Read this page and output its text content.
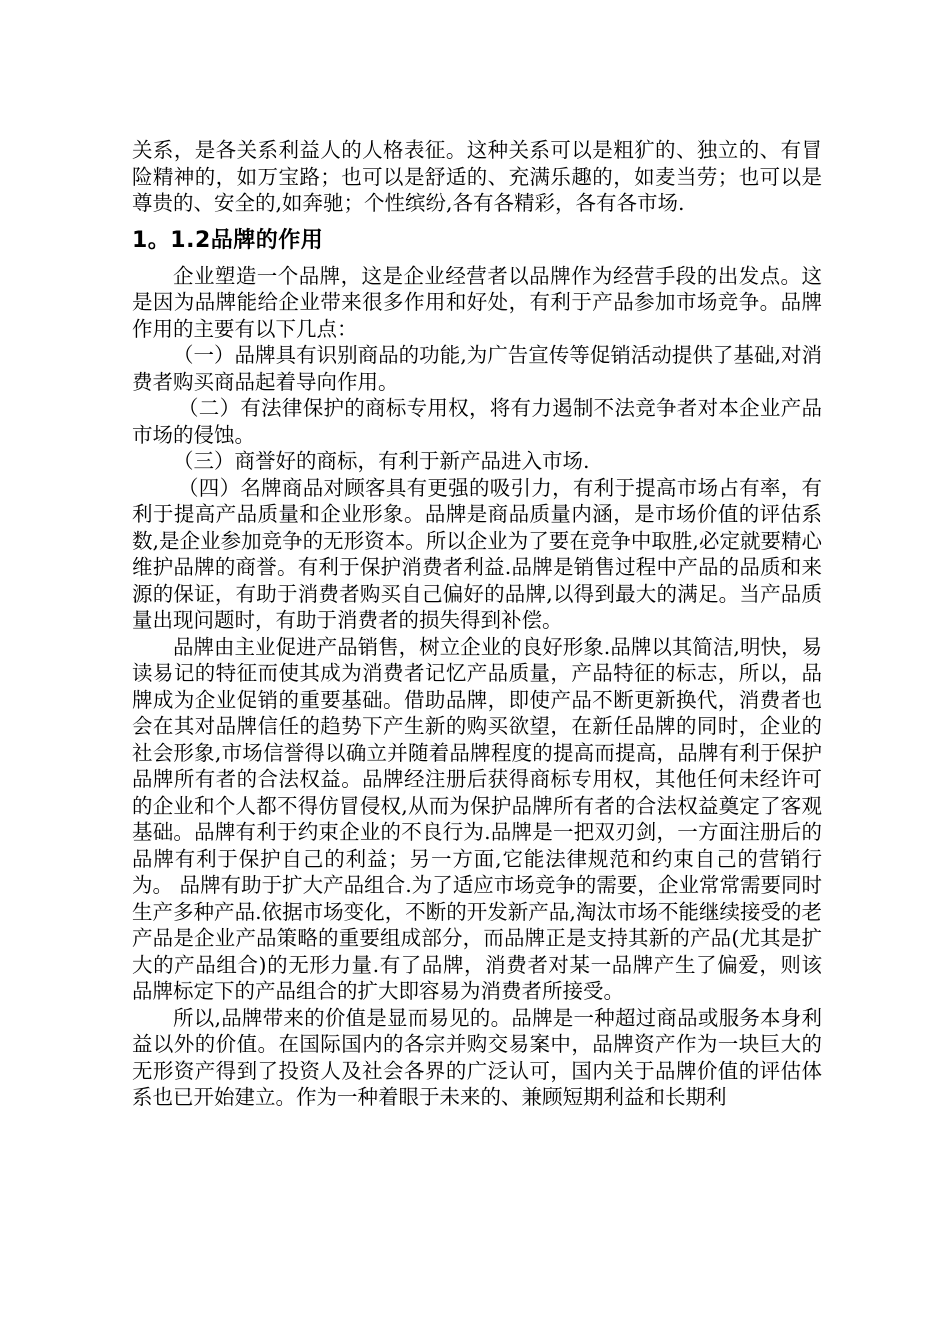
关系，是各关系利益人的人格表征。这种关系可以是粗犷的、独立的、有冒险精神的，如万宝路；也可以是舒适的、充满乐趣的，如麦当劳；也可以是尊贵的、安全的,如奔驰；个性缤纷,各有各精彩，各有各市场.

1。1.2品牌的作用

企业塑造一个品牌，这是企业经营者以品牌作为经营手段的出发点。这是因为品牌能给企业带来很多作用和好处，有利于产品参加市场竞争。品牌作用的主要有以下几点：

（一）品牌具有识别商品的功能,为广告宣传等促销活动提供了基础,对消费者购买商品起着导向作用。

（二）有法律保护的商标专用权，将有力遏制不法竞争者对本企业产品市场的侵蚀。

（三）商誉好的商标，有利于新产品进入市场.

（四）名牌商品对顾客具有更强的吸引力，有利于提高市场占有率，有利于提高产品质量和企业形象。品牌是商品质量内涵，是市场价值的评估系数,是企业参加竞争的无形资本。所以企业为了要在竞争中取胜,必定就要精心维护品牌的商誉。有利于保护消费者利益.品牌是销售过程中产品的品质和来源的保证，有助于消费者购买自己偏好的品牌,以得到最大的满足。当产品质量出现问题时，有助于消费者的损失得到补偿。

品牌由主业促进产品销售，树立企业的良好形象.品牌以其简洁,明快，易读易记的特征而使其成为消费者记忆产品质量，产品特征的标志，所以，品牌成为企业促销的重要基础。借助品牌，即使产品不断更新换代，消费者也会在其对品牌信任的趋势下产生新的购买欲望，在新任品牌的同时，企业的社会形象,市场信誉得以确立并随着品牌程度的提高而提高，品牌有利于保护品牌所有者的合法权益。品牌经注册后获得商标专用权，其他任何未经许可的企业和个人都不得仿冒侵权,从而为保护品牌所有者的合法权益奠定了客观基础。品牌有利于约束企业的不良行为.品牌是一把双刃剑，一方面注册后的品牌有利于保护自己的利益；另一方面,它能法律规范和约束自己的营销行为。 品牌有助于扩大产品组合.为了适应市场竞争的需要，企业常常需要同时生产多种产品.依据市场变化，不断的开发新产品,淘汰市场不能继续接受的老产品是企业产品策略的重要组成部分，而品牌正是支持其新的产品(尤其是扩大的产品组合)的无形力量.有了品牌，消费者对某一品牌产生了偏爱，则该品牌标定下的产品组合的扩大即容易为消费者所接受。

所以,品牌带来的价值是显而易见的。品牌是一种超过商品或服务本身利益以外的价值。在国际国内的各宗并购交易案中，品牌资产作为一块巨大的无形资产得到了投资人及社会各界的广泛认可，国内关于品牌价值的评估体系也已开始建立。作为一种着眼于未来的、兼顾短期利益和长期利
